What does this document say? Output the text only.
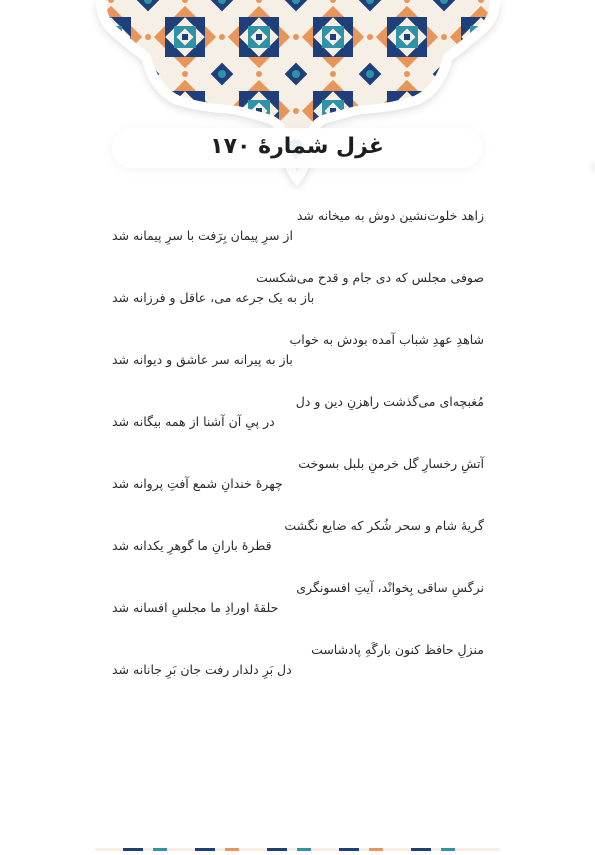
غزل شمارهٔ ۱۷۰
زاهد خلوت‌نشین دوش به میخانه شد
از سرِ پیمان بِرَفت با سرِ پیمانه شد
صوفی مجلس که دی جام و قدح می‌شکست
باز به یک جرعه می، عاقل و فرزانه شد
شاهدِ عهدِ شباب آمده بودش به خواب
باز به پیرانه سر عاشق و دیوانه شد
مُغبچه‌ای می‌گذشت راهزنِ دین و دل
در پیِ آن آشنا از همه بیگانه شد
آتشِ رخسارِ گل خرمنِ بلبل بسوخت
چهرهٔ خندانِ شمع آفتِ پروانه شد
گریهٔ شام و سحر شُکر که ضایع نگشت
قطرهٔ بارانِ ما گوهرِ یکدانه شد
نرگسِ ساقی بِخوانْد، آیتِ افسونگری
حلقهٔ اورادِ ما مجلسِ افسانه شد
منزلِ حافظ کنون بارگَهِ پادشاست
دل بَرِ دلدار رفت جان بَرِ جانانه شد
